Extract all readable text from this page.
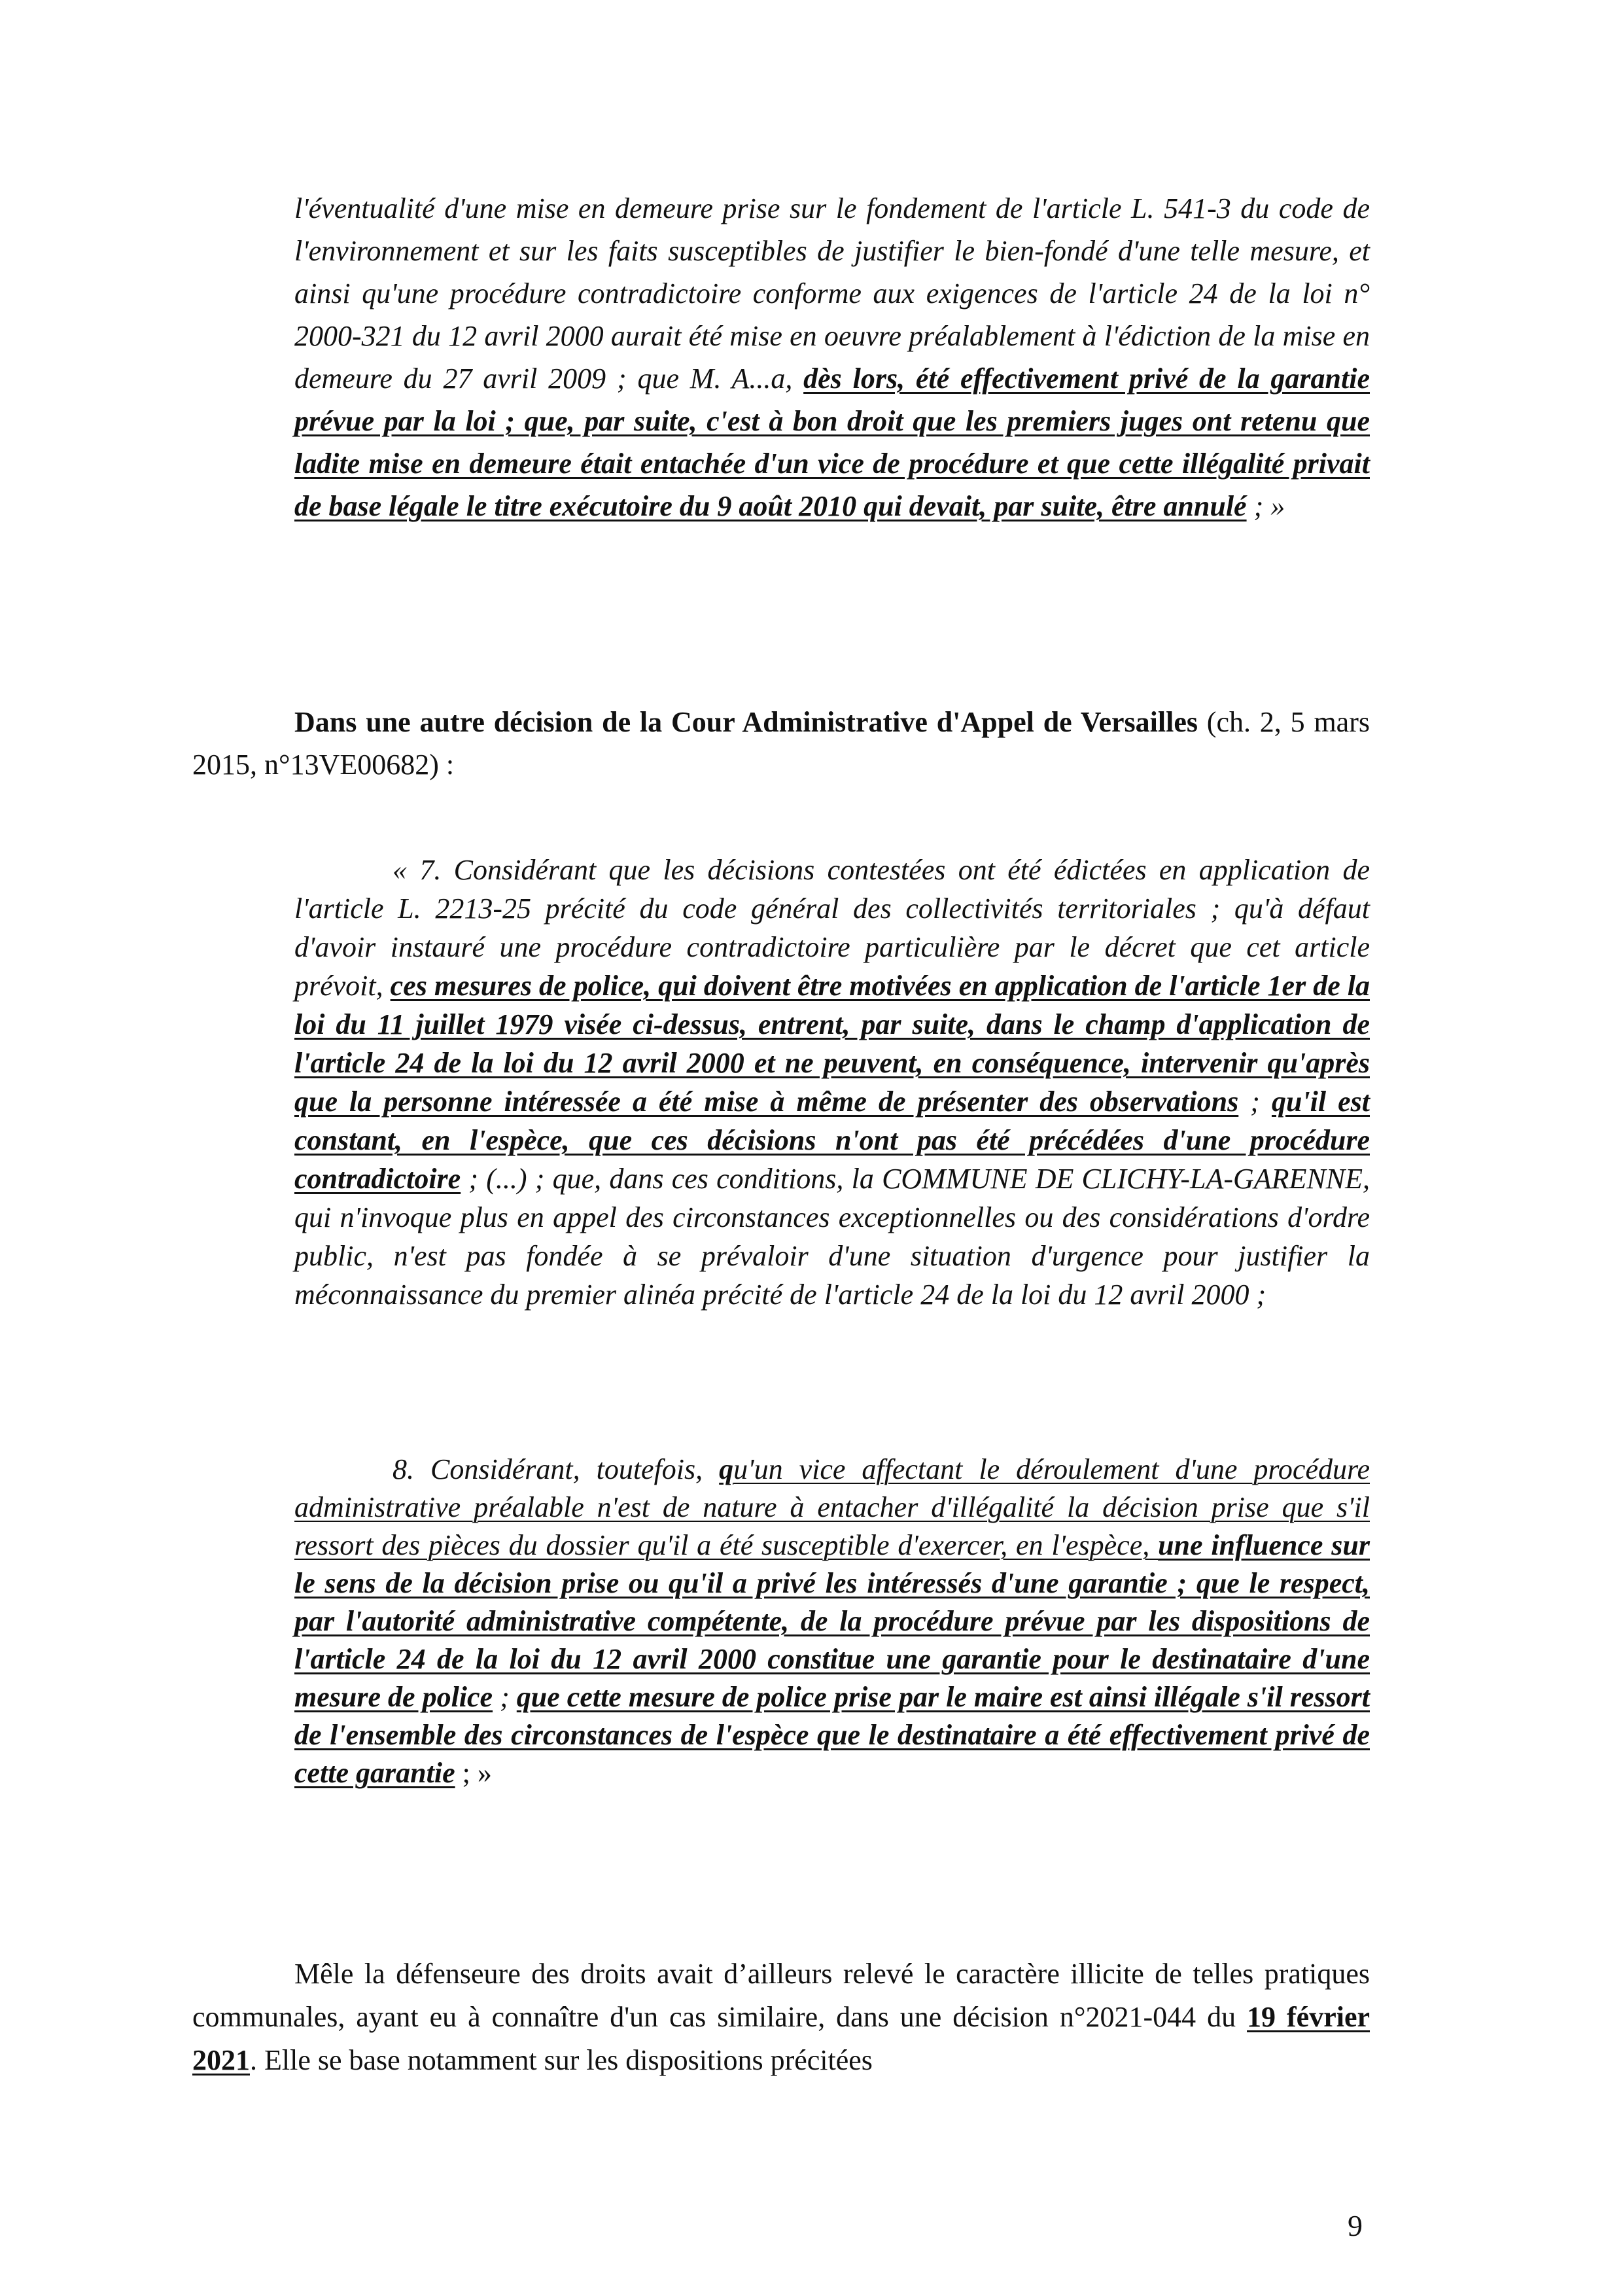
l'éventualité d'une mise en demeure prise sur le fondement de l'article L. 541-3 du code de l'environnement et sur les faits susceptibles de justifier le bien-fondé d'une telle mesure, et ainsi qu'une procédure contradictoire conforme aux exigences de l'article 24 de la loi n° 2000-321 du 12 avril 2000 aurait été mise en oeuvre préalablement à l'édiction de la mise en demeure du 27 avril 2009 ; que M. A...a, dès lors, été effectivement privé de la garantie prévue par la loi ; que, par suite, c'est à bon droit que les premiers juges ont retenu que ladite mise en demeure était entachée d'un vice de procédure et que cette illégalité privait de base légale le titre exécutoire du 9 août 2010 qui devait, par suite, être annulé ; »

Dans une autre décision de la Cour Administrative d'Appel de Versailles (ch. 2, 5 mars 2015, n°13VE00682) :

« 7. Considérant que les décisions contestées ont été édictées en application de l'article L. 2213-25 précité du code général des collectivités territoriales ; qu'à défaut d'avoir instauré une procédure contradictoire particulière par le décret que cet article prévoit, ces mesures de police, qui doivent être motivées en application de l'article 1er de la loi du 11 juillet 1979 visée ci-dessus, entrent, par suite, dans le champ d'application de l'article 24 de la loi du 12 avril 2000 et ne peuvent, en conséquence, intervenir qu'après que la personne intéressée a été mise à même de présenter des observations ; qu'il est constant, en l'espèce, que ces décisions n'ont pas été précédées d'une procédure contradictoire ; (...) ; que, dans ces conditions, la COMMUNE DE CLICHY-LA-GARENNE, qui n'invoque plus en appel des circonstances exceptionnelles ou des considérations d'ordre public, n'est pas fondée à se prévaloir d'une situation d'urgence pour justifier la méconnaissance du premier alinéa précité de l'article 24 de la loi du 12 avril 2000 ;

8. Considérant, toutefois, qu'un vice affectant le déroulement d'une procédure administrative préalable n'est de nature à entacher d'illégalité la décision prise que s'il ressort des pièces du dossier qu'il a été susceptible d'exercer, en l'espèce, une influence sur le sens de la décision prise ou qu'il a privé les intéressés d'une garantie ; que le respect, par l'autorité administrative compétente, de la procédure prévue par les dispositions de l'article 24 de la loi du 12 avril 2000 constitue une garantie pour le destinataire d'une mesure de police ; que cette mesure de police prise par le maire est ainsi illégale s'il ressort de l'ensemble des circonstances de l'espèce que le destinataire a été effectivement privé de cette garantie ; »

Mêle la défenseure des droits avait d’ailleurs relevé le caractère illicite de telles pratiques communales, ayant eu à connaître d'un cas similaire, dans une décision n°2021-044 du 19 février 2021. Elle se base notamment sur les dispositions précitées

9
